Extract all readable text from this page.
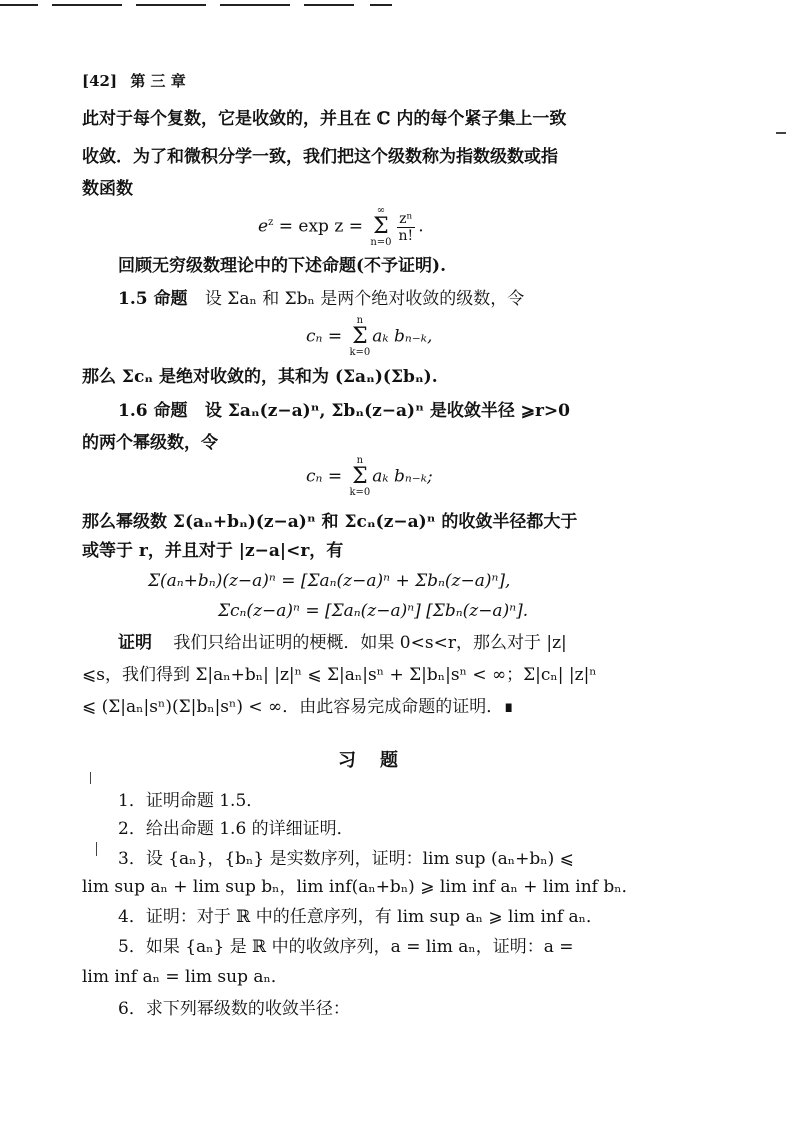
[42] 第 三 章
此对于每个复数，它是收敛的，并且在 ℂ 内的每个紧子集上一致
收敛．为了和微积分学一致，我们把这个级数称为指数级数或指
数函数
$e^z = \exp z$ = ∞
Σ
$n=0 \frac{\text{zⁿ}}{n!}$ .
回顾无穷级数理论中的下述命题(不予证明).
1.5 命题 设 Σaₙ 和 Σbₙ 是两个绝对收敛的级数，令
cₙ = n
Σ
k=0aₖ bₙ₋ₖ,
那么 Σcₙ 是绝对收敛的，其和为 (Σaₙ)(Σbₙ).
1.6 命题 设 Σaₙ(z−a)ⁿ, Σbₙ(z−a)ⁿ 是收敛半径 ⩾r>0
的两个幂级数，令
cₙ = n
Σ
k=0aₖ bₙ₋ₖ;
那么幂级数 Σ(aₙ+bₙ)(z−a)ⁿ 和 Σcₙ(z−a)ⁿ 的收敛半径都大于
或等于 r，并且对于 |z−a|<r，有
Σ(aₙ+bₙ)(z−a)ⁿ = [Σaₙ(z−a)ⁿ + Σbₙ(z−a)ⁿ],
Σcₙ(z−a)ⁿ = [Σaₙ(z−a)ⁿ] [Σbₙ(z−a)ⁿ].
证明 我们只给出证明的梗概．如果 0<s<r，那么对于 |z|
⩽s，我们得到 Σ|aₙ+bₙ| |z|ⁿ ⩽ Σ|aₙ|sⁿ + Σ|bₙ|sⁿ < ∞；Σ|cₙ| |z|ⁿ
⩽ (Σ|aₙ|sⁿ)(Σ|bₙ|sⁿ) < ∞．由此容易完成命题的证明．∎
习题
1．证明命题 1.5．
2．给出命题 1.6 的详细证明．
3．设 {aₙ}，{bₙ} 是实数序列，证明：lim sup (aₙ+bₙ) ⩽
lim sup aₙ + lim sup bₙ，lim inf(aₙ+bₙ) ⩾ lim inf aₙ + lim inf bₙ．
4．证明：对于 ℝ 中的任意序列，有 lim sup aₙ ⩾ lim inf aₙ．
5．如果 {aₙ} 是 ℝ 中的收敛序列，a = lim aₙ，证明：a =
lim inf aₙ = lim sup aₙ．
6．求下列幂级数的收敛半径：
